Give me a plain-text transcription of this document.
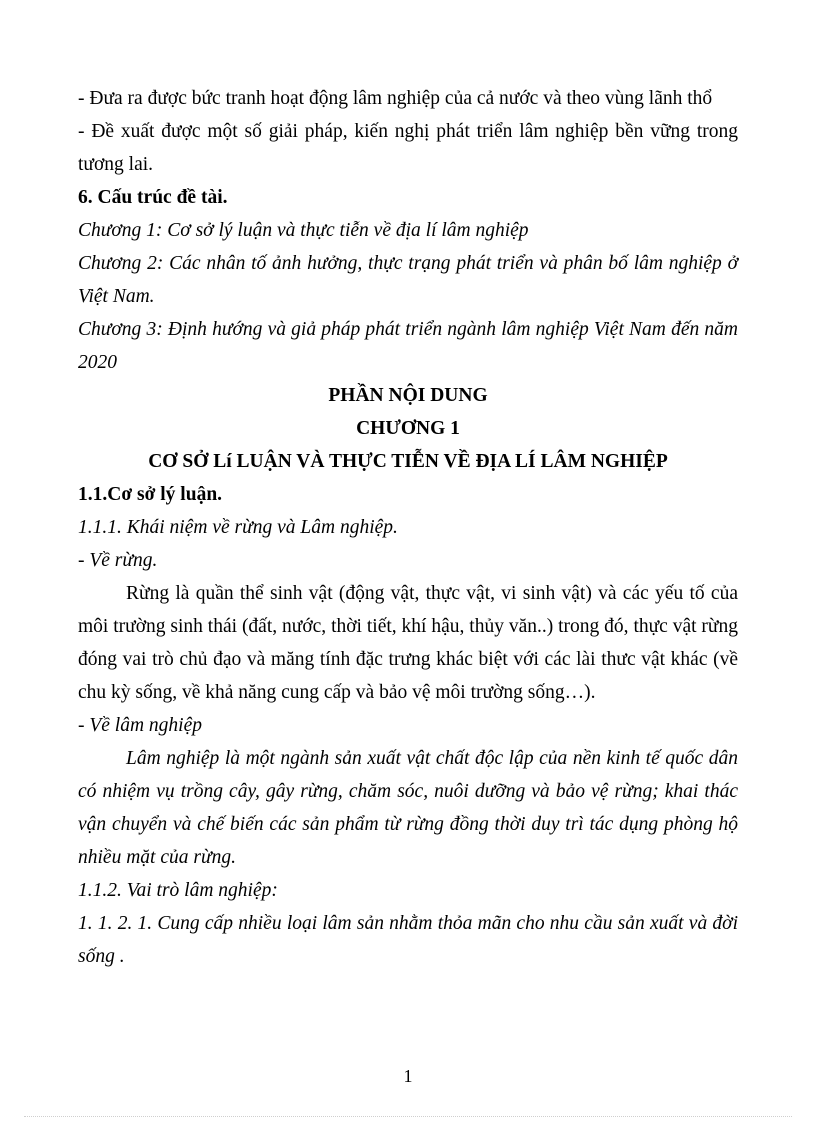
- Đưa ra được bức tranh hoạt động lâm nghiệp của cả nước và theo vùng lãnh thổ

- Đề xuất được một số giải pháp, kiến nghị phát triển lâm nghiệp bền vững trong tương lai.

6. Cấu trúc đề tài.

Chương 1: Cơ sở lý luận và thực tiễn về địa lí lâm nghiệp

Chương 2: Các nhân tố ảnh hưởng, thực trạng phát triển và phân bố lâm nghiệp ở Việt Nam.

Chương 3: Định hướng và giả pháp phát triển ngành lâm nghiệp Việt Nam đến năm 2020

PHẦN NỘI DUNG

CHƯƠNG 1

CƠ SỞ Lí LUẬN VÀ THỰC TIỄN VỀ ĐỊA LÍ LÂM NGHIỆP

1.1.Cơ sở lý luận.

1.1.1. Khái niệm về rừng và Lâm nghiệp.

- Về rừng.

Rừng là quần thể sinh vật (động vật, thực vật, vi sinh vật) và các yếu tố của môi trường sinh thái (đất, nước, thời tiết, khí hậu, thủy văn..) trong đó, thực vật rừng đóng vai trò chủ đạo và măng tính đặc trưng khác biệt với các lài thưc vật khác (về chu kỳ sống, về khả năng cung cấp và bảo vệ môi trường sống…).

- Về lâm nghiệp

Lâm nghiệp là một ngành sản xuất vật chất độc lập của nền kinh tế quốc dân có nhiệm vụ trồng cây, gây rừng, chăm sóc, nuôi dưỡng và bảo vệ rừng; khai thác vận chuyển và chế biến các sản phẩm từ rừng đồng thời duy trì tác dụng phòng hộ nhiều mặt của rừng.

1.1.2. Vai trò lâm nghiệp:

1. 1. 2. 1. Cung cấp nhiều loại lâm sản nhằm thỏa mãn cho nhu cầu sản xuất và đời sống .

1
